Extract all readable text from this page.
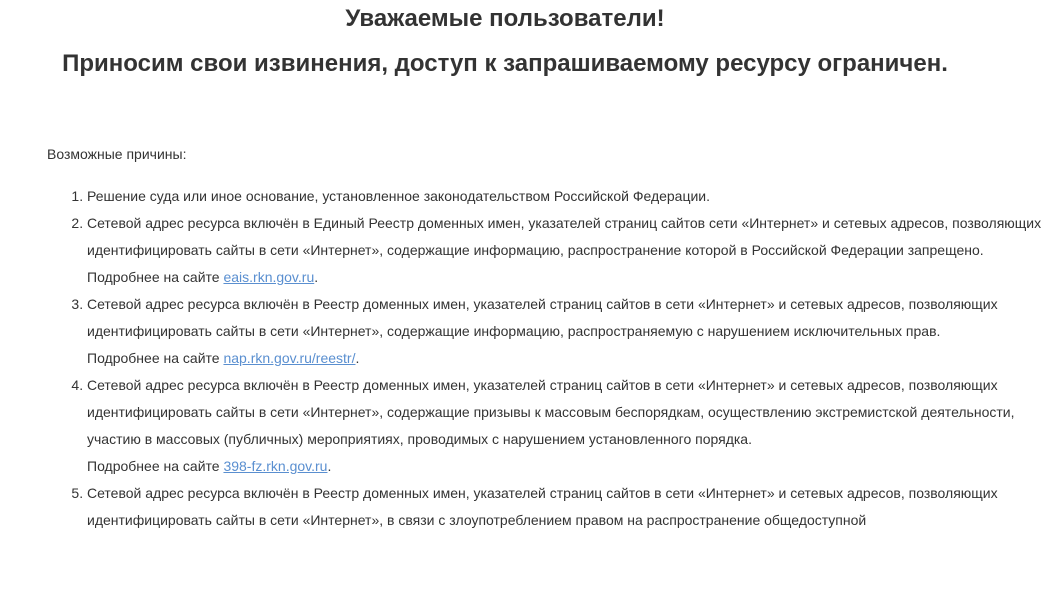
Уважаемые пользователи!
Приносим свои извинения, доступ к запрашиваемому ресурсу ограничен.
Возможные причины:
1. Решение суда или иное основание, установленное законодательством Российской Федерации.
2. Сетевой адрес ресурса включён в Единый Реестр доменных имен, указателей страниц сайтов сети «Интернет» и сетевых адресов, позволяющих идентифицировать сайты в сети «Интернет», содержащие информацию, распространение которой в Российской Федерации запрещено.
Подробнее на сайте eais.rkn.gov.ru.
3. Сетевой адрес ресурса включён в Реестр доменных имен, указателей страниц сайтов в сети «Интернет» и сетевых адресов, позволяющих идентифицировать сайты в сети «Интернет», содержащие информацию, распространяемую с нарушением исключительных прав.
Подробнее на сайте nap.rkn.gov.ru/reestr/.
4. Сетевой адрес ресурса включён в Реестр доменных имен, указателей страниц сайтов в сети «Интернет» и сетевых адресов, позволяющих идентифицировать сайты в сети «Интернет», содержащие призывы к массовым беспорядкам, осуществлению экстремистской деятельности, участию в массовых (публичных) мероприятиях, проводимых с нарушением установленного порядка.
Подробнее на сайте 398-fz.rkn.gov.ru.
5. Сетевой адрес ресурса включён в Реестр доменных имен, указателей страниц сайтов в сети «Интернет» и сетевых адресов, позволяющих идентифицировать сайты в сети «Интернет», в связи с злоупотреблением правом на распространение общедоступной
